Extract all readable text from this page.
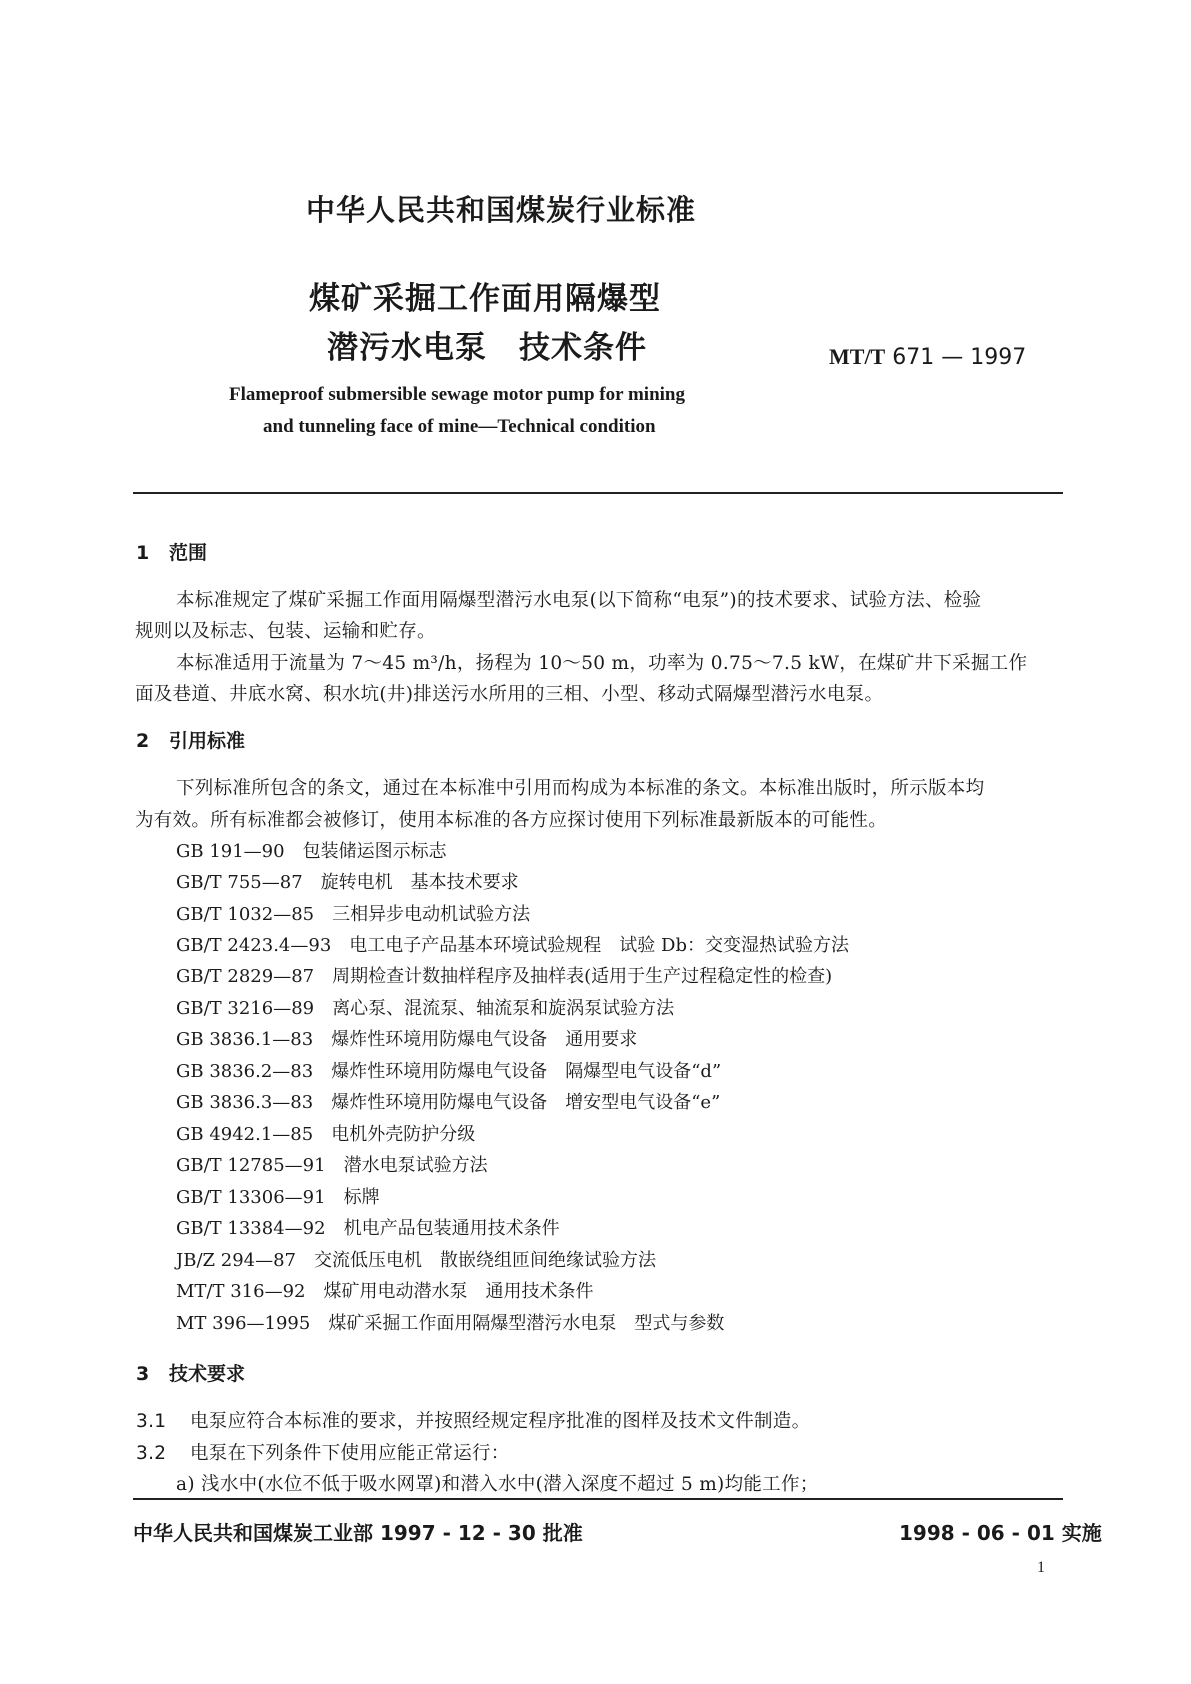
中华人民共和国煤炭行业标准
煤矿采掘工作面用隔爆型
潜污水电泵　技术条件	MT/T 671 — 1997
Flameproof submersible sewage motor pump for mining
and tunneling face of mine—Technical condition
1 范围
本标准规定了煤矿采掘工作面用隔爆型潜污水电泵(以下简称“电泵”)的技术要求、试验方法、检验
规则以及标志、包装、运输和贮存。
本标准适用于流量为 7～45 m³/h，扬程为 10～50 m，功率为 0.75～7.5 kW，在煤矿井下采掘工作
面及巷道、井底水窝、积水坑(井)排送污水所用的三相、小型、移动式隔爆型潜污水电泵。
2 引用标准
下列标准所包含的条文，通过在本标准中引用而构成为本标准的条文。本标准出版时，所示版本均
为有效。所有标准都会被修订，使用本标准的各方应探讨使用下列标准最新版本的可能性。
GB 191—90　 包装储运图示标志
GB/T 755—87　 旋转电机　基本技术要求
GB/T 1032—85　 三相异步电动机试验方法
GB/T 2423.4—93　 电工电子产品基本环境试验规程　试验 Db：交变湿热试验方法
GB/T 2829—87　 周期检查计数抽样程序及抽样表(适用于生产过程稳定性的检查)
GB/T 3216—89　 离心泵、混流泵、轴流泵和旋涡泵试验方法
GB 3836.1—83　 爆炸性环境用防爆电气设备　通用要求
GB 3836.2—83　 爆炸性环境用防爆电气设备　隔爆型电气设备“d”
GB 3836.3—83　 爆炸性环境用防爆电气设备　增安型电气设备“e”
GB 4942.1—85　 电机外壳防护分级
GB/T 12785—91　 潜水电泵试验方法
GB/T 13306—91　 标牌
GB/T 13384—92　 机电产品包装通用技术条件
JB/Z 294—87　 交流低压电机　散嵌绕组匝间绝缘试验方法
MT/T 316—92　 煤矿用电动潜水泵　通用技术条件
MT 396—1995　 煤矿采掘工作面用隔爆型潜污水电泵　型式与参数
3 技术要求
3.1 电泵应符合本标准的要求，并按照经规定程序批准的图样及技术文件制造。
3.2 电泵在下列条件下使用应能正常运行：
a) 浅水中(水位不低于吸水网罩)和潜入水中(潜入深度不超过 5 m)均能工作；
中华人民共和国煤炭工业部 1997 - 12 - 30 批准	1998 - 06 - 01 实施
1
